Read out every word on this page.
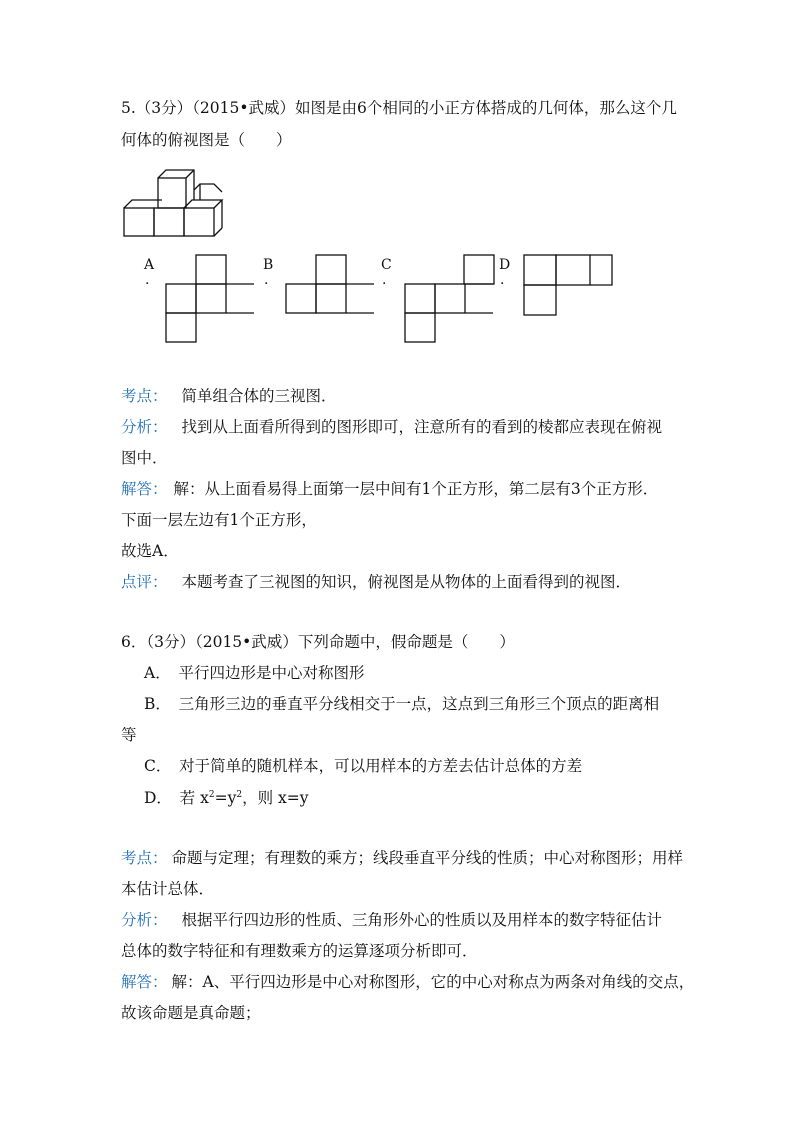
5.（3分）（2015•武威）如图是由6个相同的小正方体搭成的几何体，那么这个几
何体的俯视图是（　　）
A
·
B
·
C
·
D
·
考点： 简单组合体的三视图．
分析： 找到从上面看所得到的图形即可，注意所有的看到的棱都应表现在俯视
图中．
解答： 解：从上面看易得上面第一层中间有1个正方形，第二层有3个正方形．
下面一层左边有1个正方形，
故选A．
点评： 本题考查了三视图的知识，俯视图是从物体的上面看得到的视图．
6．（3分）（2015•武威）下列命题中，假命题是（　　）
A．　平行四边形是中心对称图形
B．　三角形三边的垂直平分线相交于一点，这点到三角形三个顶点的距离相
等
C．　对于简单的随机样本，可以用样本的方差去估计总体的方差
D．　若 $x^2=y^2$，则 x=y
考点： 命题与定理；有理数的乘方；线段垂直平分线的性质；中心对称图形；用样
本估计总体．
分析： 根据平行四边形的性质、三角形外心的性质以及用样本的数字特征估计
总体的数字特征和有理数乘方的运算逐项分析即可．
解答： 解：A、平行四边形是中心对称图形，它的中心对称点为两条对角线的交点，
故该命题是真命题；
